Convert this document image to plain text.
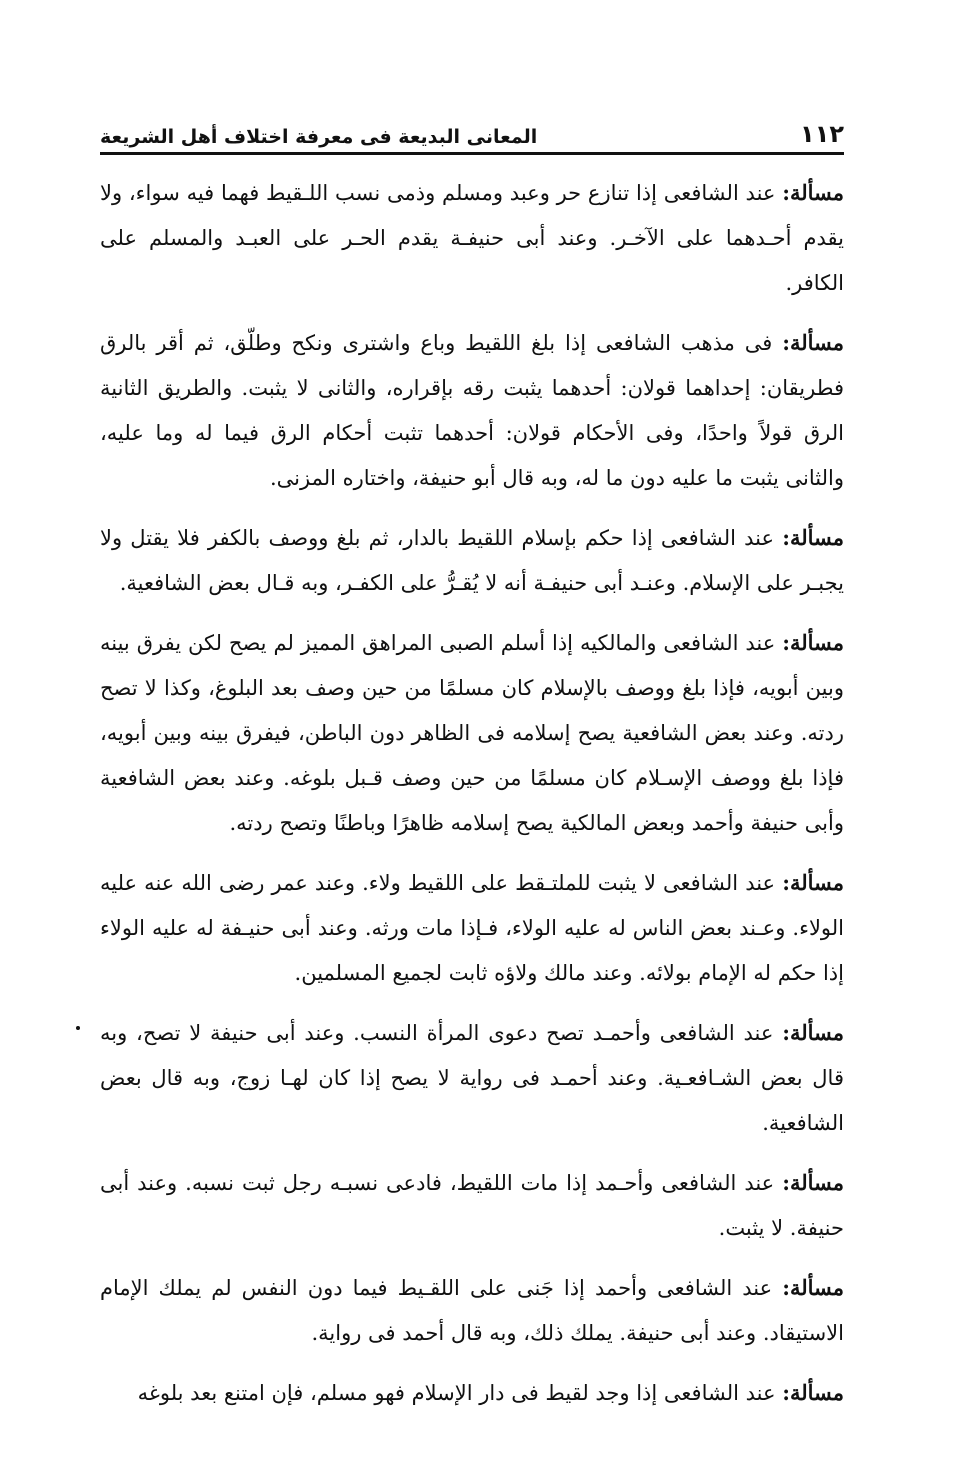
١١٢
المعانى البديعة فى معرفة اختلاف أهل الشريعة

مسألة: عند الشافعى إذا تنازع حر وعبد ومسلم وذمى نسب اللـقيط فهما فيه سواء، ولا يقدم أحـدهما على الآخـر. وعند أبى حنيفـة يقدم الحـر على العبـد والمسلم على الكافر.

مسألة: فى مذهب الشافعى إذا بلغ اللقيط وباع واشترى ونكح وطلّق، ثم أقر بالرق فطريقان: إحداهما قولان: أحدهما يثبت رقه بإقراره، والثانى لا يثبت. والطريق الثانية الرق قولاً واحدًا، وفى الأحكام قولان: أحدهما تثبت أحكام الرق فيما له وما عليه، والثانى يثبت ما عليه دون ما له، وبه قال أبو حنيفة، واختاره المزنى.

مسألة: عند الشافعى إذا حكم بإسلام اللقيط بالدار، ثم بلغ ووصف بالكفر فلا يقتل ولا يجبـر على الإسلام. وعنـد أبى حنيفـة أنه لا يُقـرُّ على الكفـر، وبه قـال بعض الشافعية.

مسألة: عند الشافعى والمالكيه إذا أسلم الصبى المراهق المميز لم يصح لكن يفرق بينه وبين أبويه، فإذا بلغ ووصف بالإسلام كان مسلمًا من حين وصف بعد البلوغ، وكذا لا تصح ردته. وعند بعض الشافعية يصح إسلامه فى الظاهر دون الباطن، فيفرق بينه وبين أبويه، فإذا بلغ ووصف الإسـلام كان مسلمًا من حين وصف قـبل بلوغه. وعند بعض الشافعية وأبى حنيفة وأحمد وبعض المالكية يصح إسلامه ظاهرًا وباطنًا وتصح ردته.

مسألة: عند الشافعى لا يثبت للملتـقط على اللقيط ولاء. وعند عمر رضى الله عنه عليه الولاء. وعـند بعض الناس له عليه الولاء، فـإذا مات ورثه. وعند أبى حنيـفة له عليه الولاء إذا حكم له الإمام بولائه. وعند مالك ولاؤه ثابت لجميع المسلمين.

مسألة: عند الشافعى وأحمـد تصح دعوى المرأة النسب. وعند أبى حنيفة لا تصح، وبه قال بعض الشـافعـية. وعند أحمـد فى رواية لا يصح إذا كان لهـا زوج، وبه قال بعض الشافعية.

مسألة: عند الشافعى وأحـمد إذا مات اللقيط، فادعى نسبـه رجل ثبت نسبه. وعند أبى حنيفة. لا يثبت.

مسألة: عند الشافعى وأحمد إذا جَنى على اللقـيط فيما دون النفس لم يملك الإمام الاستيقاد. وعند أبى حنيفة. يملك ذلك، وبه قال أحمد فى رواية.

مسألة: عند الشافعى إذا وجد لقيط فى دار الإسلام فهو مسلم، فإن امتنع بعد بلوغه
